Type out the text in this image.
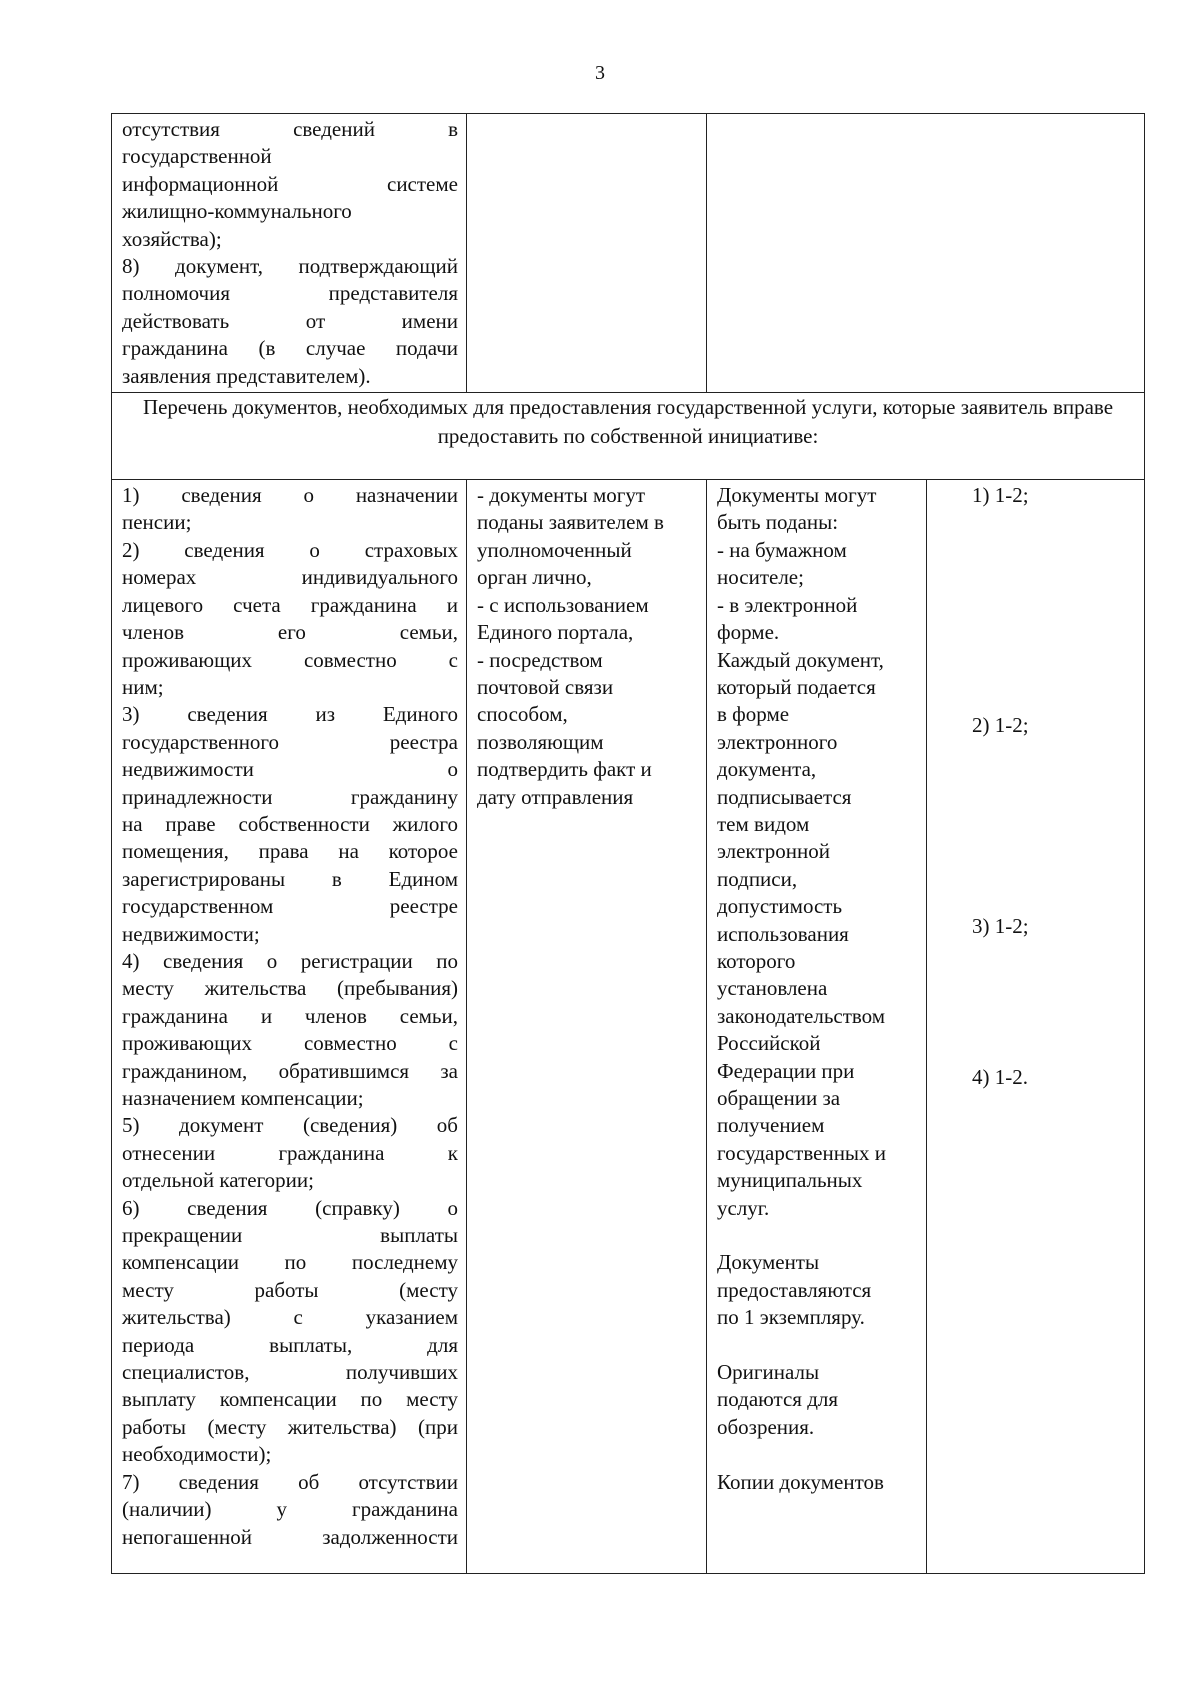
3
отсутствия сведений в
государственной
информационной системе
жилищно-коммунального
хозяйства);
8) документ, подтверждающий
полномочия представителя
действовать от имени
гражданина (в случае подачи
заявления представителем).
Перечень документов, необходимых для предоставления государственной услуги, которые заявитель вправе предоставить по собственной инициативе:
1) сведения о назначении
пенсии;
2) сведения о страховых
номерах индивидуального
лицевого счета гражданина и
членов его семьи,
проживающих совместно с
ним;
3) сведения из Единого
государственного реестра
недвижимости о
принадлежности гражданину
на праве собственности жилого
помещения, права на которое
зарегистрированы в Едином
государственном реестре
недвижимости;
4) сведения о регистрации по
месту жительства (пребывания)
гражданина и членов семьи,
проживающих совместно с
гражданином, обратившимся за
назначением компенсации;
5) документ (сведения) об
отнесении гражданина к
отдельной категории;
6) сведения (справку) о
прекращении выплаты
компенсации по последнему
месту работы (месту
жительства) с указанием
периода выплаты, для
специалистов, получивших
выплату компенсации по месту
работы (месту жительства) (при
необходимости);
7) сведения об отсутствии
(наличии) у гражданина
непогашенной задолженности
- документы могут
поданы заявителем в
уполномоченный
орган лично,
- с использованием
Единого портала,
- посредством
почтовой связи
способом,
позволяющим
подтвердить факт и
дату отправления
Документы могут
быть поданы:
- на бумажном
носителе;
- в электронной
форме.
Каждый документ,
который подается
в форме
электронного
документа,
подписывается
тем видом
электронной
подписи,
допустимость
использования
которого
установлена
законодательством
Российской
Федерации при
обращении за
получением
государственных и
муниципальных
услуг.
Документы
предоставляются
по 1 экземпляру.
Оригиналы
подаются для
обозрения.
Копии документов
1) 1-2;
2) 1-2;
3) 1-2;
4) 1-2.
